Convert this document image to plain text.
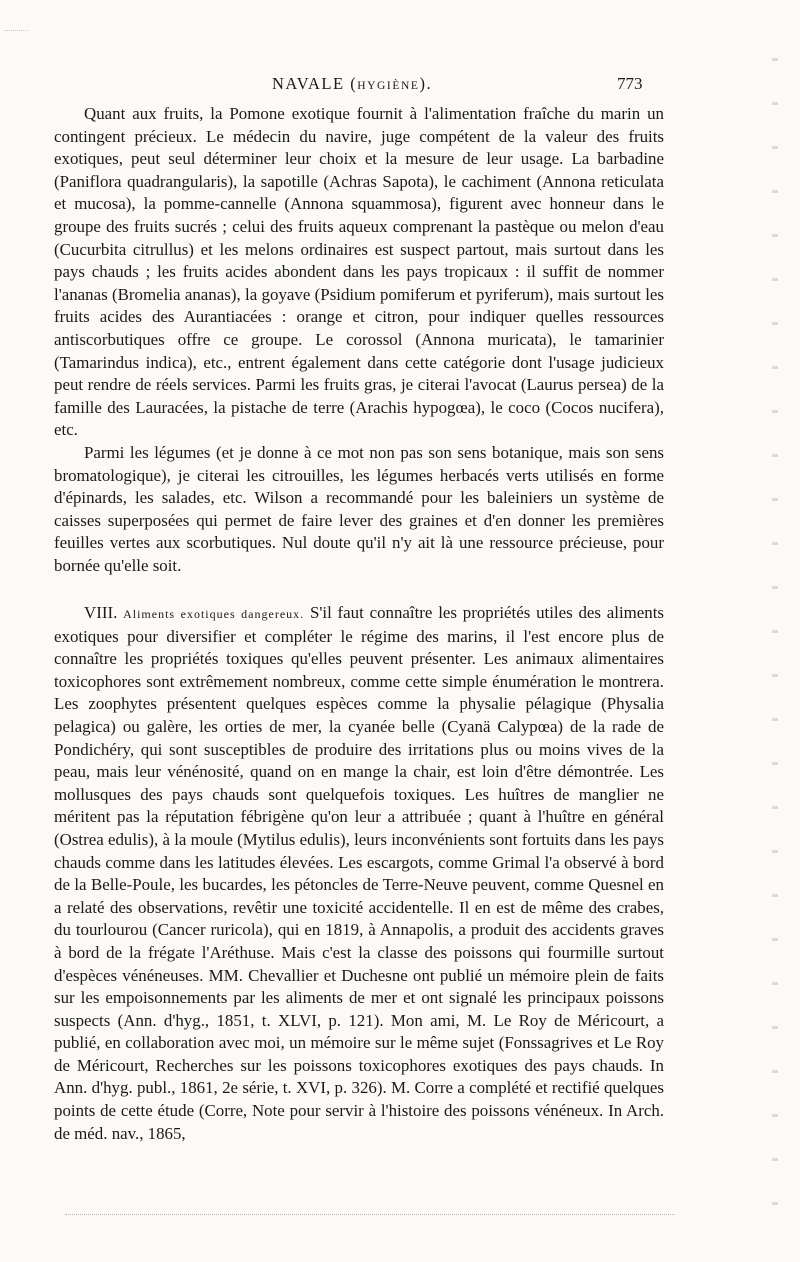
NAVALE (HYGIÈNE).	773

Quant aux fruits, la Pomone exotique fournit à l'alimentation fraîche du marin un contingent précieux. Le médecin du navire, juge compétent de la valeur des fruits exotiques, peut seul déterminer leur choix et la mesure de leur usage. La barbadine (Paniflora quadrangularis), la sapotille (Achras Sapota), le cachiment (Annona reticulata et mucosa), la pomme-cannelle (Annona squammosa), figurent avec honneur dans le groupe des fruits sucrés ; celui des fruits aqueux comprenant la pastèque ou melon d'eau (Cucurbita citrullus) et les melons ordinaires est suspect partout, mais surtout dans les pays chauds ; les fruits acides abondent dans les pays tropicaux : il suffit de nommer l'ananas (Bromelia ananas), la goyave (Psidium pomiferum et pyriferum), mais surtout les fruits acides des Aurantiacées : orange et citron, pour indiquer quelles ressources antiscorbutiques offre ce groupe. Le corossol (Annona muricata), le tamarinier (Tamarindus indica), etc., entrent également dans cette catégorie dont l'usage judicieux peut rendre de réels services. Parmi les fruits gras, je citerai l'avocat (Laurus persea) de la famille des Lauracées, la pistache de terre (Arachis hypogœa), le coco (Cocos nucifera), etc.

Parmi les légumes (et je donne à ce mot non pas son sens botanique, mais son sens bromatologique), je citerai les citrouilles, les légumes herbacés verts utilisés en forme d'épinards, les salades, etc. Wilson a recommandé pour les baleiniers un système de caisses superposées qui permet de faire lever des graines et d'en donner les premières feuilles vertes aux scorbutiques. Nul doute qu'il n'y ait là une ressource précieuse, pour bornée qu'elle soit.

VIII. Aliments exotiques dangereux. S'il faut connaître les propriétés utiles des aliments exotiques pour diversifier et compléter le régime des marins, il l'est encore plus de connaître les propriétés toxiques qu'elles peuvent présenter. Les animaux alimentaires toxicophores sont extrêmement nombreux, comme cette simple énumération le montrera. Les zoophytes présentent quelques espèces comme la physalie pélagique (Physalia pelagica) ou galère, les orties de mer, la cyanée belle (Cyanä Calypœa) de la rade de Pondichéry, qui sont susceptibles de produire des irritations plus ou moins vives de la peau, mais leur vénénosité, quand on en mange la chair, est loin d'être démontrée. Les mollusques des pays chauds sont quelquefois toxiques. Les huîtres de manglier ne méritent pas la réputation fébrigène qu'on leur a attribuée ; quant à l'huître en général (Ostrea edulis), à la moule (Mytilus edulis), leurs inconvénients sont fortuits dans les pays chauds comme dans les latitudes élevées. Les escargots, comme Grimal l'a observé à bord de la Belle-Poule, les bucardes, les pétoncles de Terre-Neuve peuvent, comme Quesnel en a relaté des observations, revêtir une toxicité accidentelle. Il en est de même des crabes, du tourlourou (Cancer ruricola), qui en 1819, à Annapolis, a produit des accidents graves à bord de la frégate l'Aréthuse. Mais c'est la classe des poissons qui fourmille surtout d'espèces vénéneuses. MM. Chevallier et Duchesne ont publié un mémoire plein de faits sur les empoisonnements par les aliments de mer et ont signalé les principaux poissons suspects (Ann. d'hyg., 1851, t. XLVI, p. 121). Mon ami, M. Le Roy de Méricourt, a publié, en collaboration avec moi, un mémoire sur le même sujet (Fonssagrives et Le Roy de Méricourt, Recherches sur les poissons toxicophores exotiques des pays chauds. In Ann. d'hyg. publ., 1861, 2e série, t. XVI, p. 326). M. Corre a complété et rectifié quelques points de cette étude (Corre, Note pour servir à l'histoire des poissons vénéneux. In Arch. de méd. nav., 1865,
